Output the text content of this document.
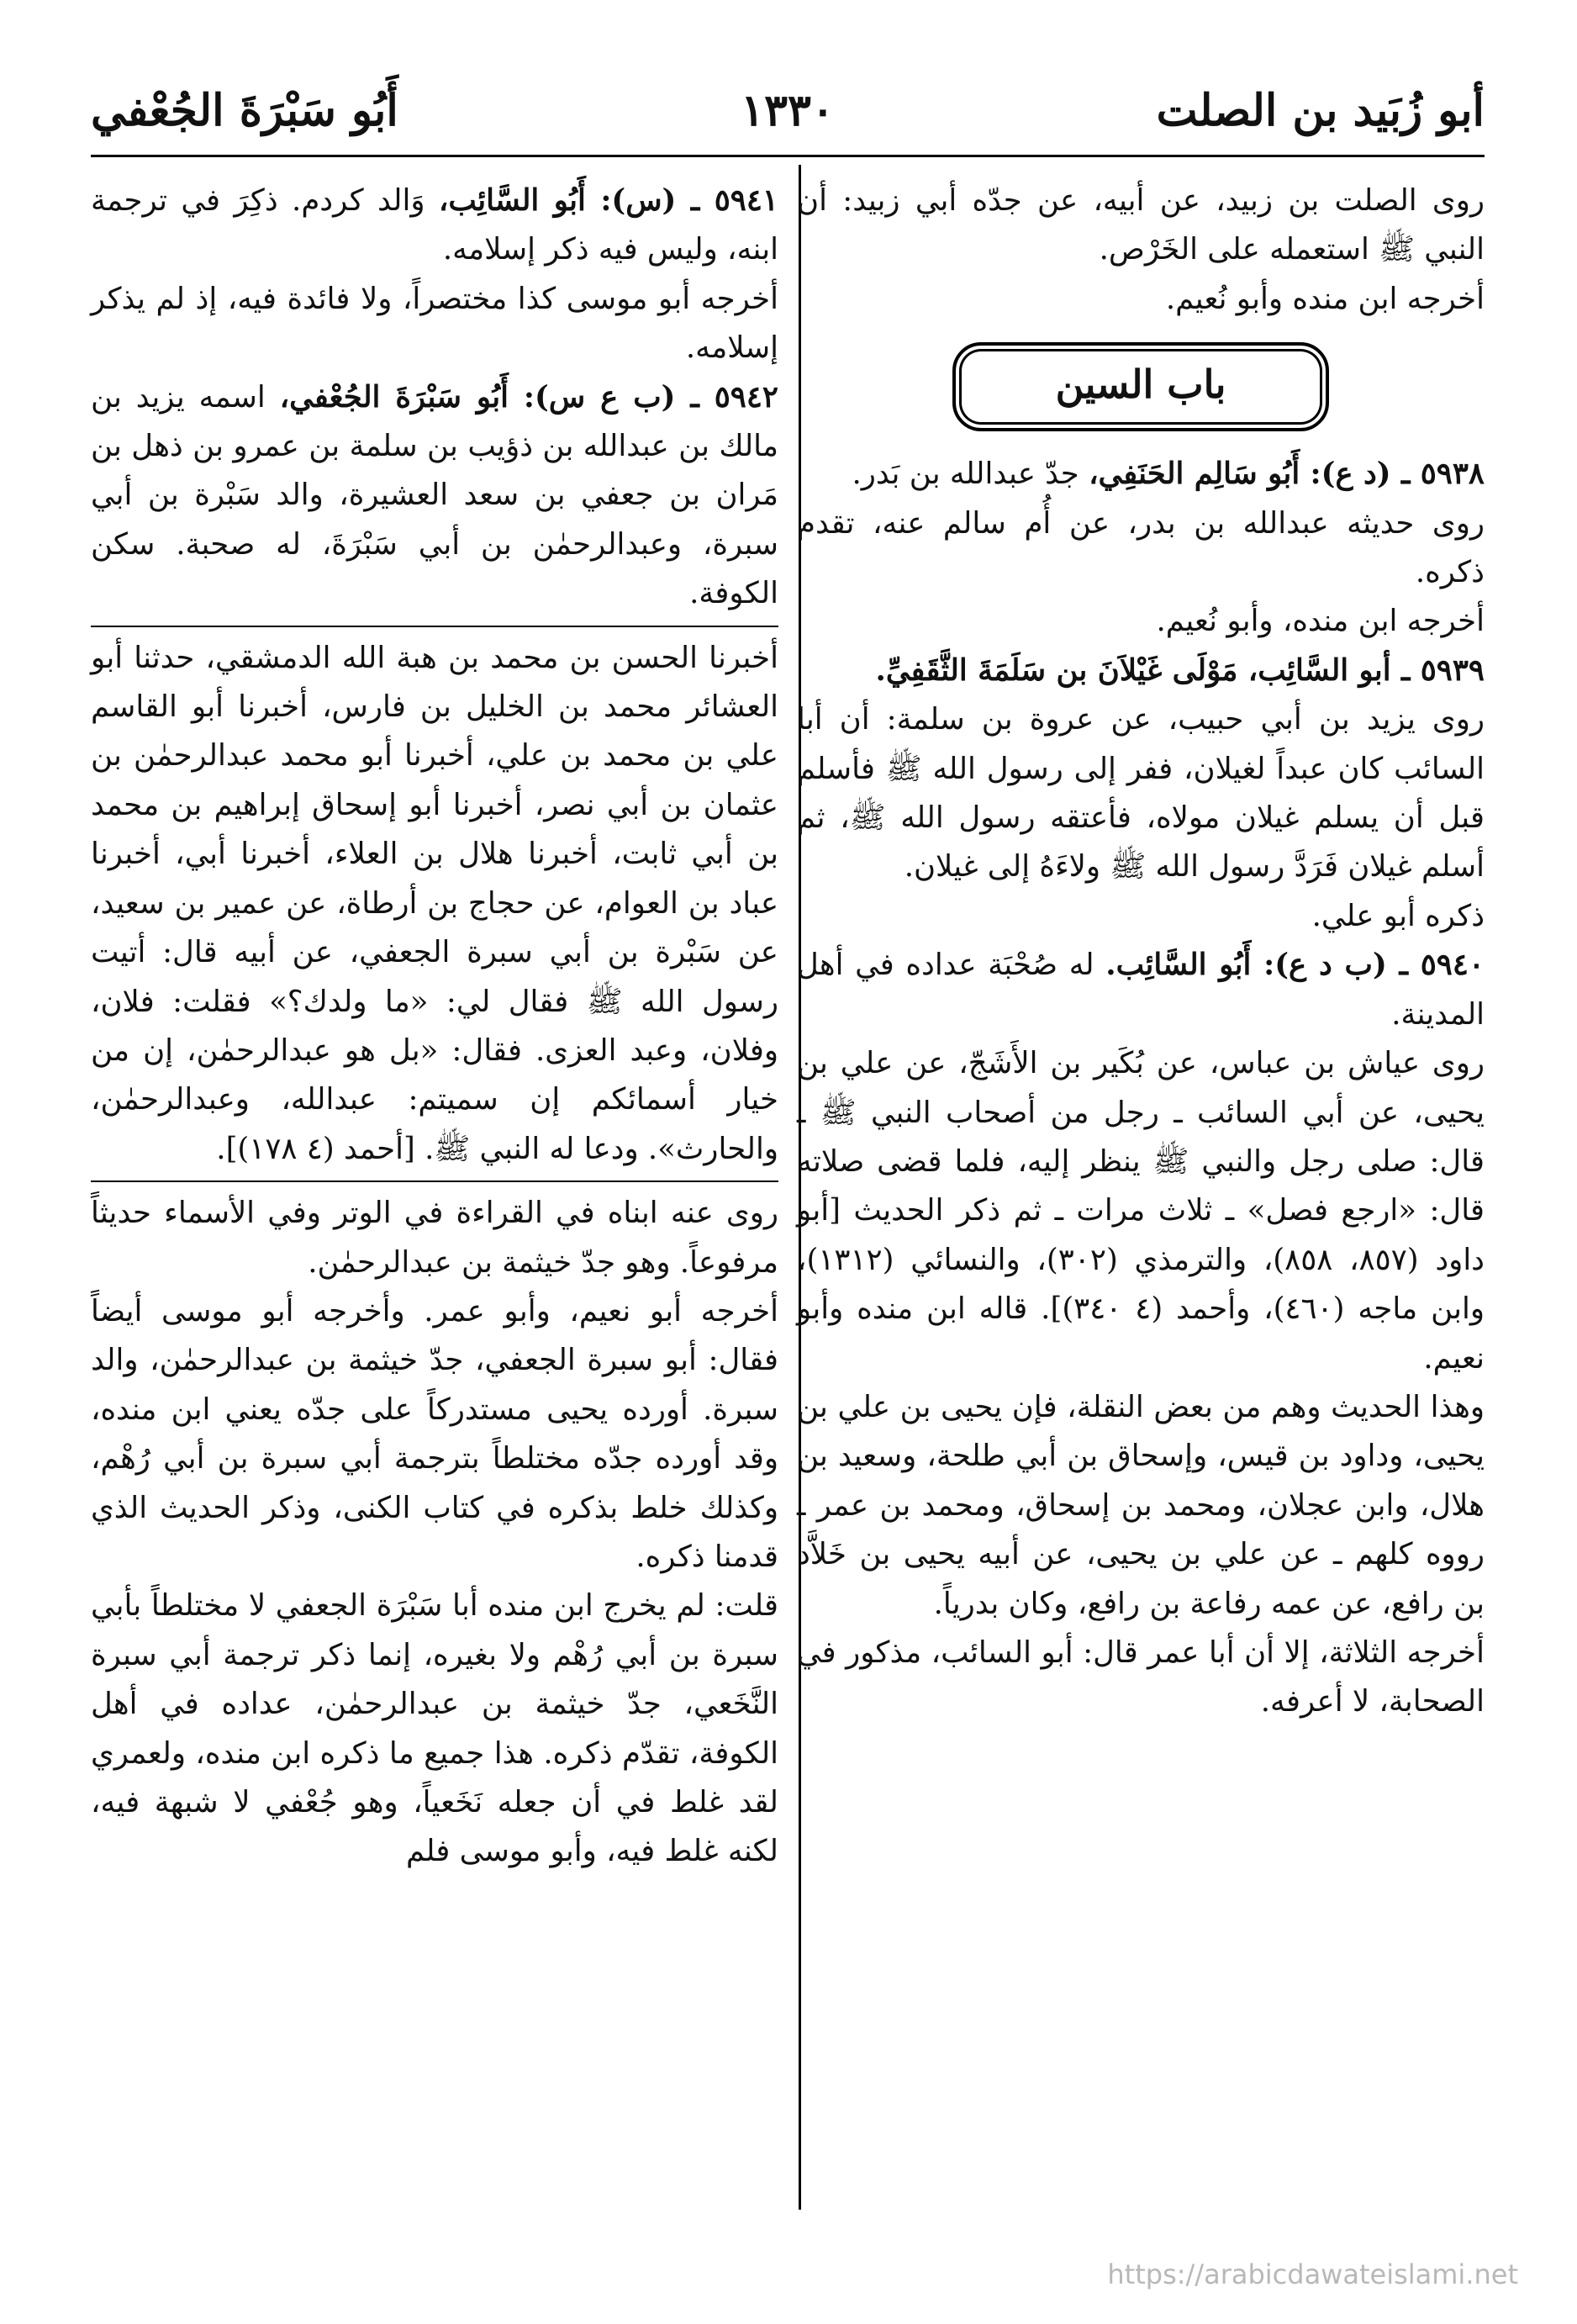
أبو زُبَيد بن الصلت
١٣٣٠
أَبُو سَبْرَةَ الجُعْفي

روى الصلت بن زبيد، عن أبيه، عن جدّه أبي زبيد: أن النبي ﷺ استعمله على الخَرْص.

أخرجه ابن منده وأبو نُعيم.

باب السين

٥٩٣٨ ـ (د ع): أَبُو سَالِم الحَنَفِي، جدّ عبدالله بن بَدر.

روى حديثه عبدالله بن بدر، عن أُم سالم عنه، تقدم ذكره.

أخرجه ابن منده، وأبو نُعيم.

٥٩٣٩ ـ أبو السَّائِب، مَوْلَى غَيْلاَنَ بن سَلَمَةَ الثَّقَفِيِّ.

روى يزيد بن أبي حبيب، عن عروة بن سلمة: أن أبا السائب كان عبداً لغيلان، ففر إلى رسول الله ﷺ فأسلم قبل أن يسلم غيلان مولاه، فأعتقه رسول الله ﷺ، ثم أسلم غيلان فَرَدَّ رسول الله ﷺ ولاءَهُ إلى غيلان.

ذكره أبو علي.

٥٩٤٠ ـ (ب د ع): أَبُو السَّائِب. له صُحْبَة عداده في أهل المدينة.

روى عياش بن عباس، عن بُكَير بن الأَشَجّ، عن علي بن يحيى، عن أبي السائب ـ رجل من أصحاب النبي ﷺ ـ قال: صلى رجل والنبي ﷺ ينظر إليه، فلما قضى صلاته قال: «ارجع فصل» ـ ثلاث مرات ـ ثم ذكر الحديث [أبو داود (٨٥٧، ٨٥٨)، والترمذي (٣٠٢)، والنسائي (١٣١٢)، وابن ماجه (٤٦٠)، وأحمد (٤ ٣٤٠)]. قاله ابن منده وأبو نعيم.

وهذا الحديث وهم من بعض النقلة، فإن يحيى بن علي بن يحيى، وداود بن قيس، وإسحاق بن أبي طلحة، وسعيد بن هلال، وابن عجلان، ومحمد بن إسحاق، ومحمد بن عمر ـ رووه كلهم ـ عن علي بن يحيى، عن أبيه يحيى بن خَلاَّد بن رافع، عن عمه رفاعة بن رافع، وكان بدرياً.

أخرجه الثلاثة، إلا أن أبا عمر قال: أبو السائب، مذكور في الصحابة، لا أعرفه.

٥٩٤١ ـ (س): أَبُو السَّائِب، وَالد كردم. ذكِرَ في ترجمة ابنه، وليس فيه ذكر إسلامه.

أخرجه أبو موسى كذا مختصراً، ولا فائدة فيه، إذ لم يذكر إسلامه.

٥٩٤٢ ـ (ب ع س): أَبُو سَبْرَةَ الجُعْفي، اسمه يزيد بن مالك بن عبدالله بن ذؤيب بن سلمة بن عمرو بن ذهل بن مَران بن جعفي بن سعد العشيرة، والد سَبْرة بن أبي سبرة، وعبدالرحمٰن بن أبي سَبْرَةَ، له صحبة. سكن الكوفة.

أخبرنا الحسن بن محمد بن هبة الله الدمشقي، حدثنا أبو العشائر محمد بن الخليل بن فارس، أخبرنا أبو القاسم علي بن محمد بن علي، أخبرنا أبو محمد عبدالرحمٰن بن عثمان بن أبي نصر، أخبرنا أبو إسحاق إبراهيم بن محمد بن أبي ثابت، أخبرنا هلال بن العلاء، أخبرنا أبي، أخبرنا عباد بن العوام، عن حجاج بن أرطاة، عن عمير بن سعيد، عن سَبْرة بن أبي سبرة الجعفي، عن أبيه قال: أتيت رسول الله ﷺ فقال لي: «ما ولدك؟» فقلت: فلان، وفلان، وعبد العزى. فقال: «بل هو عبدالرحمٰن، إن من خيار أسمائكم إن سميتم: عبدالله، وعبدالرحمٰن، والحارث». ودعا له النبي ﷺ. [أحمد (٤ ١٧٨)].

روى عنه ابناه في القراءة في الوتر وفي الأسماء حديثاً مرفوعاً. وهو جدّ خيثمة بن عبدالرحمٰن.

أخرجه أبو نعيم، وأبو عمر. وأخرجه أبو موسى أيضاً فقال: أبو سبرة الجعفي، جدّ خيثمة بن عبدالرحمٰن، والد سبرة. أورده يحيى مستدركاً على جدّه يعني ابن منده، وقد أورده جدّه مختلطاً بترجمة أبي سبرة بن أبي رُهْم، وكذلك خلط بذكره في كتاب الكنى، وذكر الحديث الذي قدمنا ذكره.

قلت: لم يخرج ابن منده أبا سَبْرَة الجعفي لا مختلطاً بأبي سبرة بن أبي رُهْم ولا بغيره، إنما ذكر ترجمة أبي سبرة النَّخَعي، جدّ خيثمة بن عبدالرحمٰن، عداده في أهل الكوفة، تقدّم ذكره. هذا جميع ما ذكره ابن منده، ولعمري لقد غلط في أن جعله نَخَعياً، وهو جُعْفي لا شبهة فيه، لكنه غلط فيه، وأبو موسى فلم

https://arabicdawateislami.net
